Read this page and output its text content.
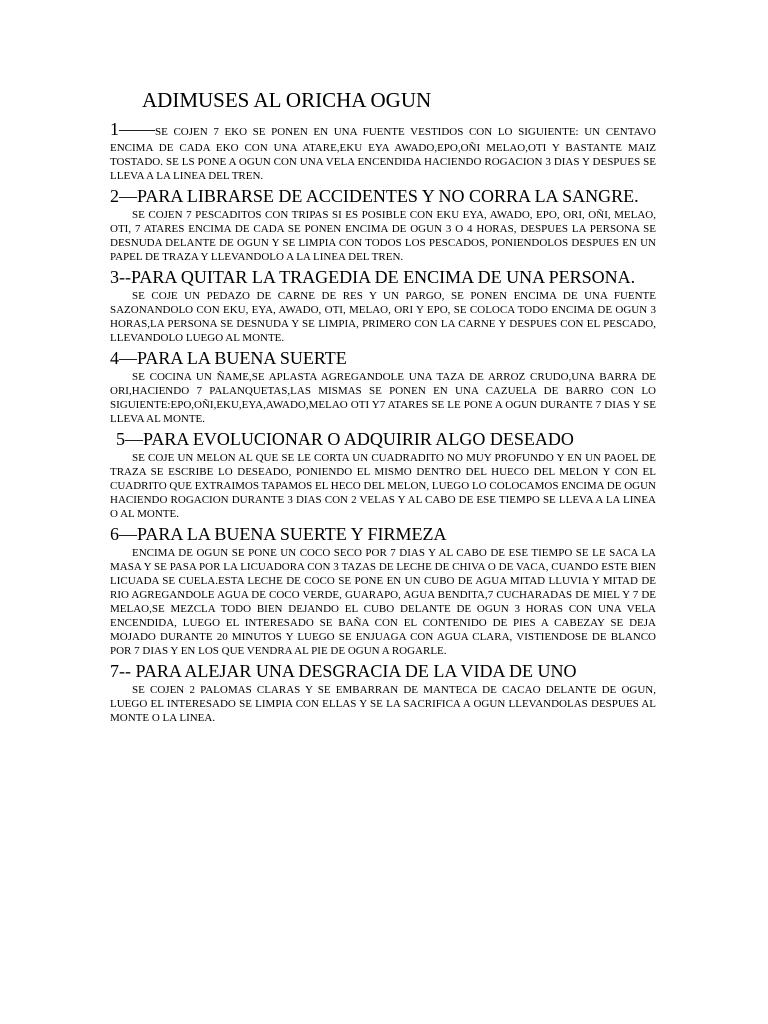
ADIMUSES AL ORICHA OGUN

1——SE COJEN 7 EKO SE PONEN EN UNA FUENTE VESTIDOS CON LO SIGUIENTE: UN CENTAVO ENCIMA DE CADA EKO CON UNA ATARE,EKU EYA AWADO,EPO,OÑI MELAO,OTI Y BASTANTE MAIZ TOSTADO. SE LS PONE A OGUN CON UNA VELA ENCENDIDA HACIENDO ROGACION 3 DIAS Y DESPUES SE LLEVA A LA LINEA DEL TREN.

2—PARA LIBRARSE DE ACCIDENTES Y NO CORRA LA SANGRE.

SE COJEN 7 PESCADITOS CON TRIPAS SI ES POSIBLE CON EKU EYA, AWADO, EPO, ORI, OÑI, MELAO, OTI, 7 ATARES ENCIMA DE CADA SE PONEN ENCIMA DE OGUN 3 O 4 HORAS, DESPUES LA PERSONA SE DESNUDA DELANTE DE OGUN Y SE LIMPIA CON TODOS LOS PESCADOS, PONIENDOLOS DESPUES EN UN PAPEL DE TRAZA Y LLEVANDOLO A LA LINEA DEL TREN.

3--PARA QUITAR LA TRAGEDIA DE ENCIMA DE UNA PERSONA.

SE COJE UN PEDAZO DE CARNE DE RES Y UN PARGO, SE PONEN ENCIMA DE UNA FUENTE SAZONANDOLO CON EKU, EYA, AWADO, OTI, MELAO, ORI Y EPO, SE COLOCA TODO ENCIMA DE OGUN 3 HORAS,LA PERSONA SE DESNUDA Y SE LIMPIA, PRIMERO CON LA CARNE Y DESPUES CON EL PESCADO, LLEVANDOLO LUEGO AL MONTE.

4—PARA LA BUENA SUERTE

SE COCINA UN ÑAME,SE APLASTA AGREGANDOLE UNA TAZA DE ARROZ CRUDO,UNA BARRA DE ORI,HACIENDO 7 PALANQUETAS,LAS MISMAS SE PONEN EN UNA CAZUELA DE BARRO CON LO SIGUIENTE:EPO,OÑI,EKU,EYA,AWADO,MELAO OTI Y7 ATARES SE LE PONE A OGUN DURANTE 7 DIAS Y SE LLEVA AL MONTE.

5—PARA EVOLUCIONAR O ADQUIRIR ALGO DESEADO

SE COJE UN MELON AL QUE SE LE CORTA UN CUADRADITO NO MUY PROFUNDO Y EN UN PAOEL DE TRAZA SE ESCRIBE LO DESEADO, PONIENDO EL MISMO DENTRO DEL HUECO DEL MELON Y CON EL CUADRITO QUE EXTRAIMOS TAPAMOS EL HECO DEL MELON, LUEGO LO COLOCAMOS ENCIMA DE OGUN HACIENDO ROGACION DURANTE 3 DIAS CON 2 VELAS Y AL CABO DE ESE TIEMPO SE LLEVA A LA LINEA O AL MONTE.

6—PARA LA BUENA SUERTE Y FIRMEZA

ENCIMA DE OGUN SE PONE UN COCO SECO POR 7 DIAS Y AL CABO DE ESE TIEMPO SE LE SACA LA MASA Y SE PASA POR LA LICUADORA CON 3 TAZAS DE LECHE DE CHIVA O DE VACA, CUANDO ESTE BIEN LICUADA SE CUELA.ESTA LECHE DE COCO SE PONE EN UN CUBO DE AGUA MITAD LLUVIA Y MITAD DE RIO AGREGANDOLE AGUA DE COCO VERDE, GUARAPO, AGUA BENDITA,7 CUCHARADAS DE MIEL Y 7 DE MELAO,SE MEZCLA TODO BIEN DEJANDO EL CUBO DELANTE DE OGUN 3 HORAS CON UNA VELA ENCENDIDA, LUEGO EL INTERESADO SE BAÑA CON EL CONTENIDO DE PIES A CABEZAY SE DEJA MOJADO DURANTE 20 MINUTOS Y LUEGO SE ENJUAGA CON AGUA CLARA, VISTIENDOSE DE BLANCO POR 7 DIAS Y EN LOS QUE VENDRA AL PIE DE OGUN A ROGARLE.

7-- PARA ALEJAR UNA DESGRACIA DE LA VIDA DE UNO

SE COJEN 2 PALOMAS CLARAS Y SE EMBARRAN DE MANTECA DE CACAO DELANTE DE OGUN, LUEGO EL INTERESADO SE LIMPIA CON ELLAS Y SE LA SACRIFICA A OGUN LLEVANDOLAS DESPUES AL MONTE O LA LINEA.
